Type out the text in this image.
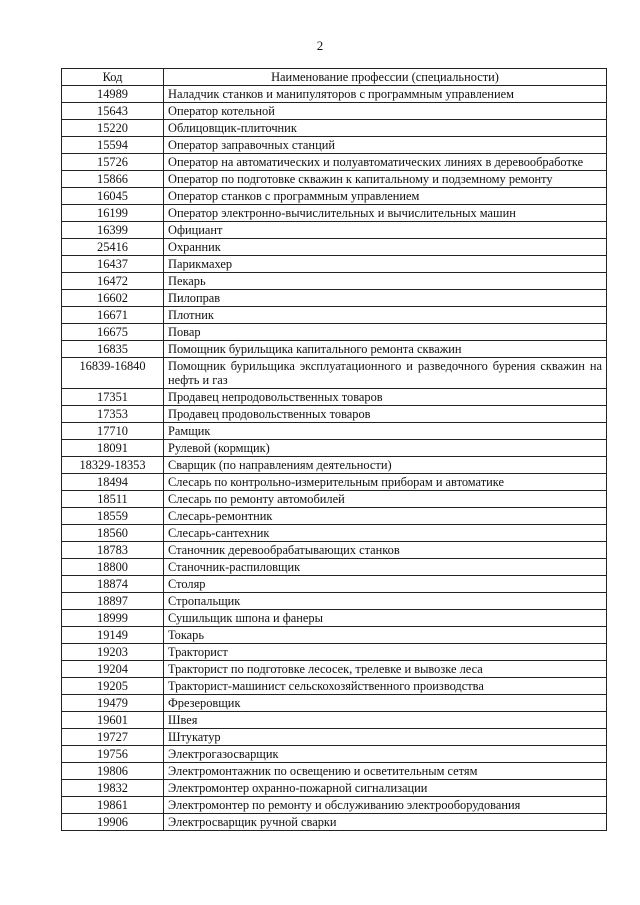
2
Код	Наименование профессии (специальности)
14989	Наладчик станков и манипуляторов с программным управлением
15643	Оператор котельной
15220	Облицовщик-плиточник
15594	Оператор заправочных станций
15726	Оператор на автоматических и полуавтоматических линиях в деревообработке
15866	Оператор по подготовке скважин к капитальному и подземному ремонту
16045	Оператор станков с программным управлением
16199	Оператор электронно-вычислительных и вычислительных машин
16399	Официант
25416	Охранник
16437	Парикмахер
16472	Пекарь
16602	Пилоправ
16671	Плотник
16675	Повар
16835	Помощник бурильщика капитального ремонта скважин
16839-16840	Помощник бурильщика эксплуатационного и разведочного бурения скважин на нефть и газ
17351	Продавец непродовольственных товаров
17353	Продавец продовольственных товаров
17710	Рамщик
18091	Рулевой (кормщик)
18329-18353	Сварщик (по направлениям деятельности)
18494	Слесарь по контрольно-измерительным приборам и автоматике
18511	Слесарь по ремонту автомобилей
18559	Слесарь-ремонтник
18560	Слесарь-сантехник
18783	Станочник деревообрабатывающих станков
18800	Станочник-распиловщик
18874	Столяр
18897	Стропальщик
18999	Сушильщик шпона и фанеры
19149	Токарь
19203	Тракторист
19204	Тракторист по подготовке лесосек, трелевке и вывозке леса
19205	Тракторист-машинист сельскохозяйственного производства
19479	Фрезеровщик
19601	Швея
19727	Штукатур
19756	Электрогазосварщик
19806	Электромонтажник по освещению и осветительным сетям
19832	Электромонтер охранно-пожарной сигнализации
19861	Электромонтер по ремонту и обслуживанию электрооборудования
19906	Электросварщик ручной сварки
